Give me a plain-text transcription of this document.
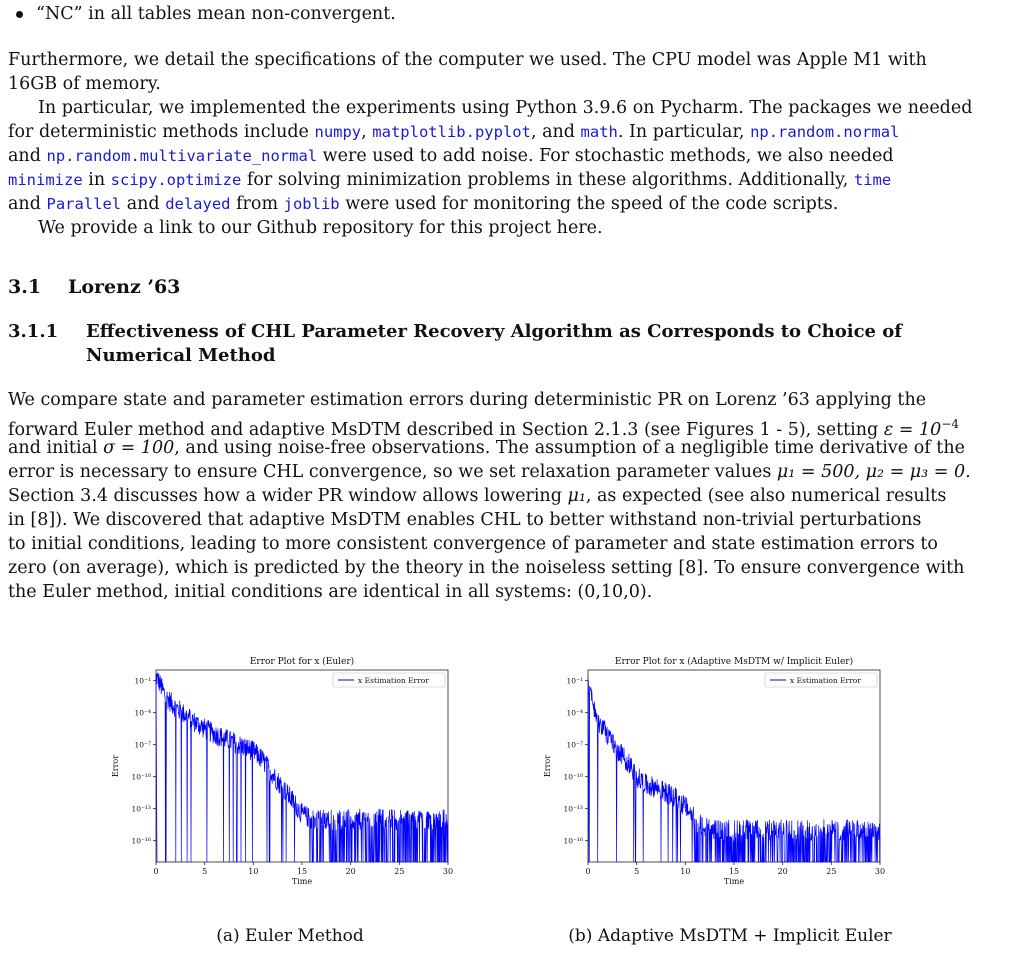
“NC” in all tables mean non-convergent.
Furthermore, we detail the specifications of the computer we used. The CPU model was Apple M1 with
16GB of memory.
In particular, we implemented the experiments using Python 3.9.6 on Pycharm. The packages we needed
for deterministic methods include numpy, matplotlib.pyplot, and math. In particular, np.random.normal
and np.random.multivariate_normal were used to add noise. For stochastic methods, we also needed
minimize in scipy.optimize for solving minimization problems in these algorithms. Additionally, time
and Parallel and delayed from joblib were used for monitoring the speed of the code scripts.
We provide a link to our Github repository for this project here.
3.1 Lorenz ’63
3.1.1 Effectiveness of CHL Parameter Recovery Algorithm as Corresponds to Choice of
Numerical Method
We compare state and parameter estimation errors during deterministic PR on Lorenz ’63 applying the
forward Euler method and adaptive MsDTM described in Section 2.1.3 (see Figures 1 - 5), setting $\varepsilon = 10^{-4}$
and initial σ = 100, and using noise-free observations. The assumption of a negligible time derivative of the
error is necessary to ensure CHL convergence, so we set relaxation parameter values μ₁ = 500, μ₂ = μ₃ = 0.
Section 3.4 discusses how a wider PR window allows lowering μ₁, as expected (see also numerical results
in [8]). We discovered that adaptive MsDTM enables CHL to better withstand non-trivial perturbations
to initial conditions, leading to more consistent convergence of parameter and state estimation errors to
zero (on average), which is predicted by the theory in the noiseless setting [8]. To ensure convergence with
the Euler method, initial conditions are identical in all systems: (0,10,0).
Error Plot for x (Euler)
0	5	10	15	20	25	30
10⁻¹
10⁻⁴
10⁻⁷
10⁻¹⁰
10⁻¹³
10⁻¹⁶
Time
Error
x Estimation Error
(a) Euler Method
Error Plot for x (Adaptive MsDTM w/ Implicit Euler)
0	5	10	15	20	25	30
10⁻¹
10⁻⁴
10⁻⁷
10⁻¹⁰
10⁻¹³
10⁻¹⁶
Time
Error
x Estimation Error
(b) Adaptive MsDTM + Implicit Euler
